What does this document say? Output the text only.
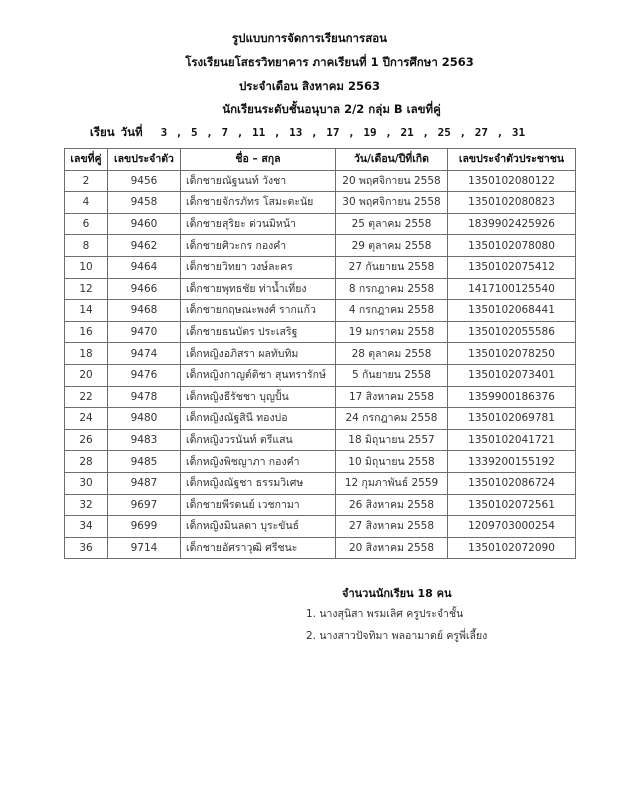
รูปแบบการจัดการเรียนการสอน
โรงเรียนยโสธรวิทยาคาร ภาคเรียนที่ 1 ปีการศึกษา 2563
ประจำเดือน สิงหาคม 2563
นักเรียนระดับชั้นอนุบาล 2/2 กลุ่ม B เลขที่คู่
เรียน วันที่ 3 , 5 , 7 , 11 , 13 , 17 , 19 , 21 , 25 , 27 , 31
เลขที่คู่	เลขประจำตัว	ชื่อ – สกุล	วัน/เดือน/ปีที่เกิด	เลขประจำตัวประชาชน
2	9456	เด็กชายณัฐนนท์ วังชา	20 พฤศจิกายน 2558	1350102080122
4	9458	เด็กชายจักรภัทร โสมะตะนัย	30 พฤศจิกายน 2558	1350102080823
6	9460	เด็กชายสุริยะ ด่วนมิหน้า	25 ตุลาคม 2558	1839902425926
8	9462	เด็กชายศิวะกร กองคำ	29 ตุลาคม 2558	1350102078080
10	9464	เด็กชายวิทยา วงษ์ละคร	27 กันยายน 2558	1350102075412
12	9466	เด็กชายพุทธชัย ท่าน้ำเที่ยง	8 กรกฎาคม 2558	1417100125540
14	9468	เด็กชายกฤษณะพงศ์ รากแก้ว	4 กรกฎาคม 2558	1350102068441
16	9470	เด็กชายธนบัตร ประเสริฐ	19 มกราคม 2558	1350102055586
18	9474	เด็กหญิงอภิสรา ผลทับทิม	28 ตุลาคม 2558	1350102078250
20	9476	เด็กหญิงกาญต์ติชา สุนทรารักษ์	5 กันยายน 2558	1350102073401
22	9478	เด็กหญิงธีรัชชา บุญปั้น	17 สิงหาคม 2558	1359900186376
24	9480	เด็กหญิงณัฐสินี ทองบ่อ	24 กรกฎาคม 2558	1350102069781
26	9483	เด็กหญิงวรนันท์ ตรีแสน	18 มิถุนายน 2557	1350102041721
28	9485	เด็กหญิงพิชญาภา กองคำ	10 มิถุนายน 2558	1339200155192
30	9487	เด็กหญิงณัฐชา ธรรมวิเศษ	12 กุมภาพันธ์ 2559	1350102086724
32	9697	เด็กชายพีรดนย์ เวชกามา	26 สิงหาคม 2558	1350102072561
34	9699	เด็กหญิงมินลดา บุระขันธ์	27 สิงหาคม 2558	1209703000254
36	9714	เด็กชายอัศราวุฒิ ศรีชนะ	20 สิงหาคม 2558	1350102072090
จำนวนนักเรียน 18 คน
1. นางสุนิสา พรมเลิศ ครูประจำชั้น
2. นางสาวปัจทิมา พลอามาตย์ ครูพี่เลี้ยง
